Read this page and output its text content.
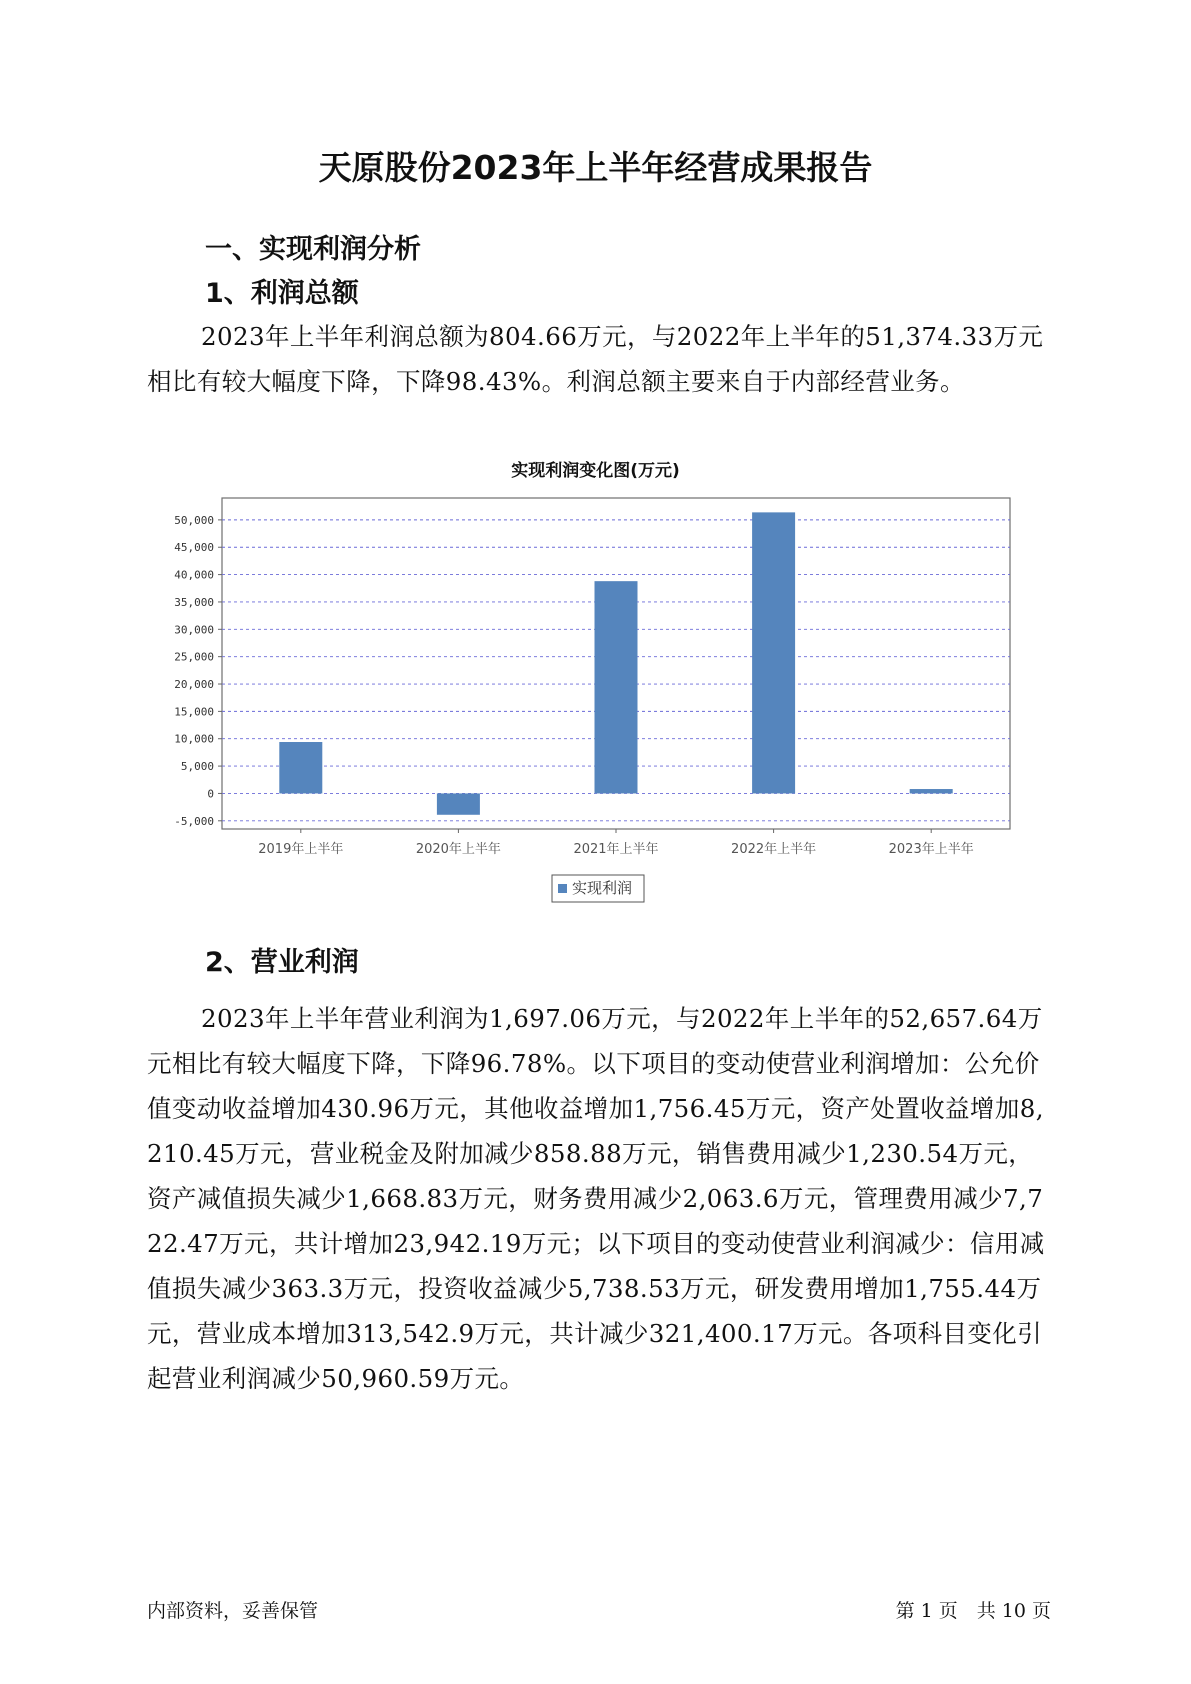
天原股份2023年上半年经营成果报告
一、实现利润分析
1、利润总额

2023年上半年利润总额为804.66万元，与2022年上半年的51,374.33万元相比有较大幅度下降，下降98.43%。利润总额主要来自于内部经营业务。

实现利润变化图(万元)
50,000
45,000
40,000
35,000
30,000
25,000
20,000
15,000
10,000
5,000
0
-5,000
2019年上半年	2020年上半年	2021年上半年	2022年上半年	2023年上半年
实现利润
2、营业利润

2023年上半年营业利润为1,697.06万元，与2022年上半年的52,657.64万元相比有较大幅度下降，下降96.78%。以下项目的变动使营业利润增加：公允价值变动收益增加430.96万元，其他收益增加1,756.45万元，资产处置收益增加8,210.45万元，营业税金及附加减少858.88万元，销售费用减少1,230.54万元，资产减值损失减少1,668.83万元，财务费用减少2,063.6万元，管理费用减少7,722.47万元，共计增加23,942.19万元；以下项目的变动使营业利润减少：信用减值损失减少363.3万元，投资收益减少5,738.53万元，研发费用增加1,755.44万元，营业成本增加313,542.9万元，共计减少321,400.17万元。各项科目变化引起营业利润减少50,960.59万元。

内部资料，妥善保管	第 1 页　共 10 页
